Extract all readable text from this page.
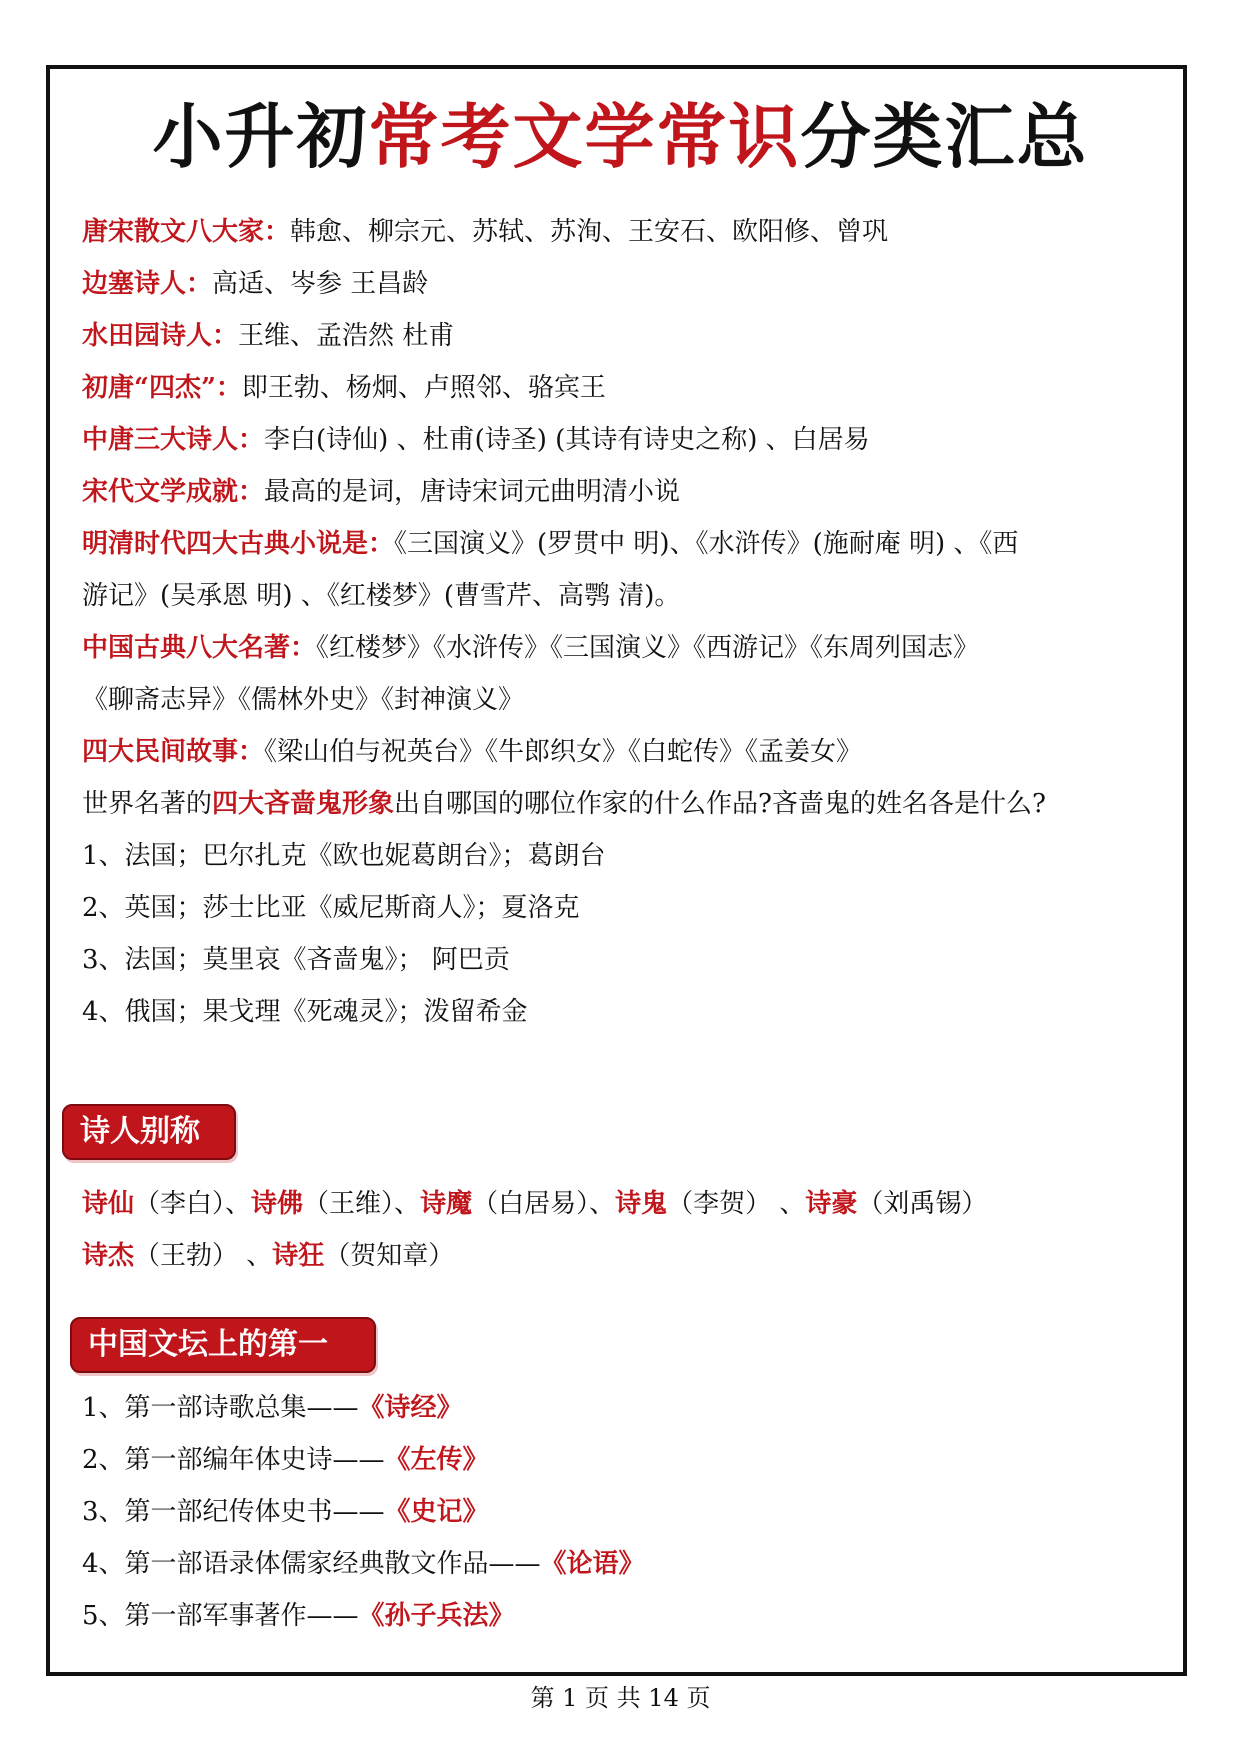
小升初常考文学常识分类汇总
唐宋散文八大家：韩愈、柳宗元、苏轼、苏洵、王安石、欧阳修、曾巩
边塞诗人：高适、岑参 王昌龄
水田园诗人：王维、孟浩然 杜甫
初唐“四杰”：即王勃、杨炯、卢照邻、骆宾王
中唐三大诗人：李白(诗仙) 、杜甫(诗圣) (其诗有诗史之称) 、白居易
宋代文学成就：最高的是词，唐诗宋词元曲明清小说
明清时代四大古典小说是：《三国演义》(罗贯中 明)、《水浒传》(施耐庵 明) 、《西
游记》(吴承恩 明) 、《红楼梦》(曹雪芹、高鹗 清)。
中国古典八大名著：《红楼梦》《水浒传》《三国演义》《西游记》《东周列国志》
《聊斋志异》《儒林外史》《封神演义》
四大民间故事：《梁山伯与祝英台》《牛郎织女》《白蛇传》《孟姜女》
世界名著的四大吝啬鬼形象出自哪国的哪位作家的什么作品?吝啬鬼的姓名各是什么?
1、法国；巴尔扎克《欧也妮葛朗台》；葛朗台
2、英国；莎士比亚《威尼斯商人》；夏洛克
3、法国；莫里哀《吝啬鬼》； 阿巴贡
4、俄国；果戈理《死魂灵》；泼留希金
诗人别称
诗仙（李白）、诗佛（王维）、诗魔（白居易）、诗鬼（李贺） 、诗豪（刘禹锡）
诗杰（王勃） 、诗狂（贺知章）
中国文坛上的第一
1、第一部诗歌总集——《诗经》
2、第一部编年体史诗——《左传》
3、第一部纪传体史书——《史记》
4、第一部语录体儒家经典散文作品——《论语》
5、第一部军事著作——《孙子兵法》
第 1 页 共 14 页
